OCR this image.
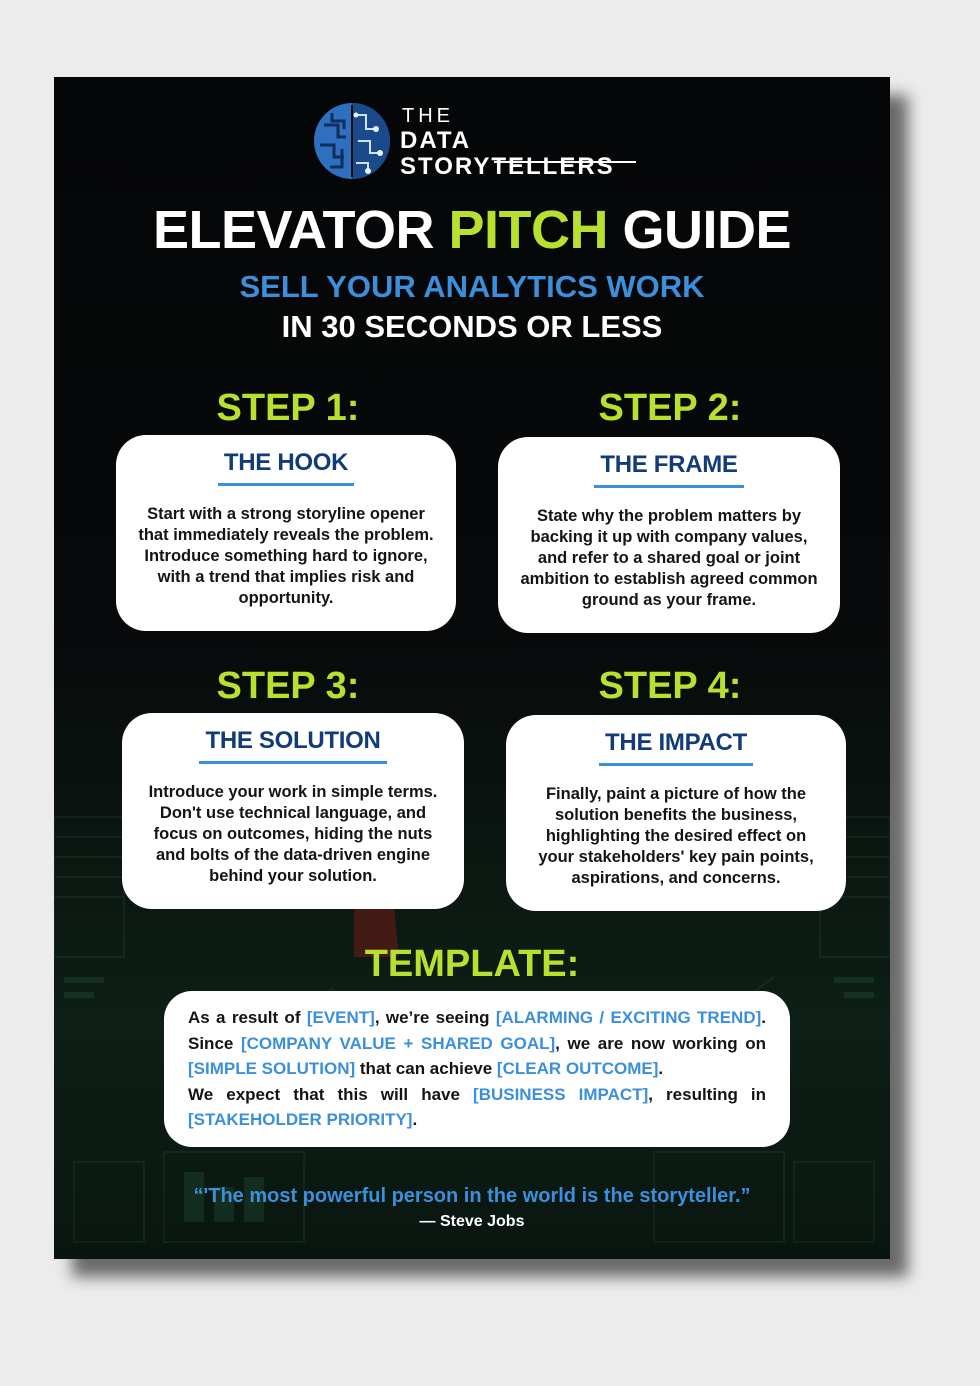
THE
DATA
STORYTELLERS
ELEVATOR PITCH GUIDE
SELL YOUR ANALYTICS WORK
IN 30 SECONDS OR LESS
STEP 1:
THE HOOK
Start with a strong storyline opener that immediately reveals the problem. Introduce something hard to ignore, with a trend that implies risk and opportunity.
STEP 2:
THE FRAME
State why the problem matters by backing it up with company values, and refer to a shared goal or joint ambition to establish agreed common ground as your frame.
STEP 3:
THE SOLUTION
Introduce your work in simple terms. Don't use technical language, and focus on outcomes, hiding the nuts and bolts of the data-driven engine behind your solution.
STEP 4:
THE IMPACT
Finally, paint a picture of how the solution benefits the business, highlighting the desired effect on your stakeholders' key pain points, aspirations, and concerns.
TEMPLATE:
As a result of [EVENT], we’re seeing [ALARMING / EXCITING TREND].
Since [COMPANY VALUE + SHARED GOAL], we are now working on
[SIMPLE SOLUTION] that can achieve [CLEAR OUTCOME].
We expect that this will have [BUSINESS IMPACT], resulting in
[STAKEHOLDER PRIORITY].
“'The most powerful person in the world is the storyteller.”
— Steve Jobs
